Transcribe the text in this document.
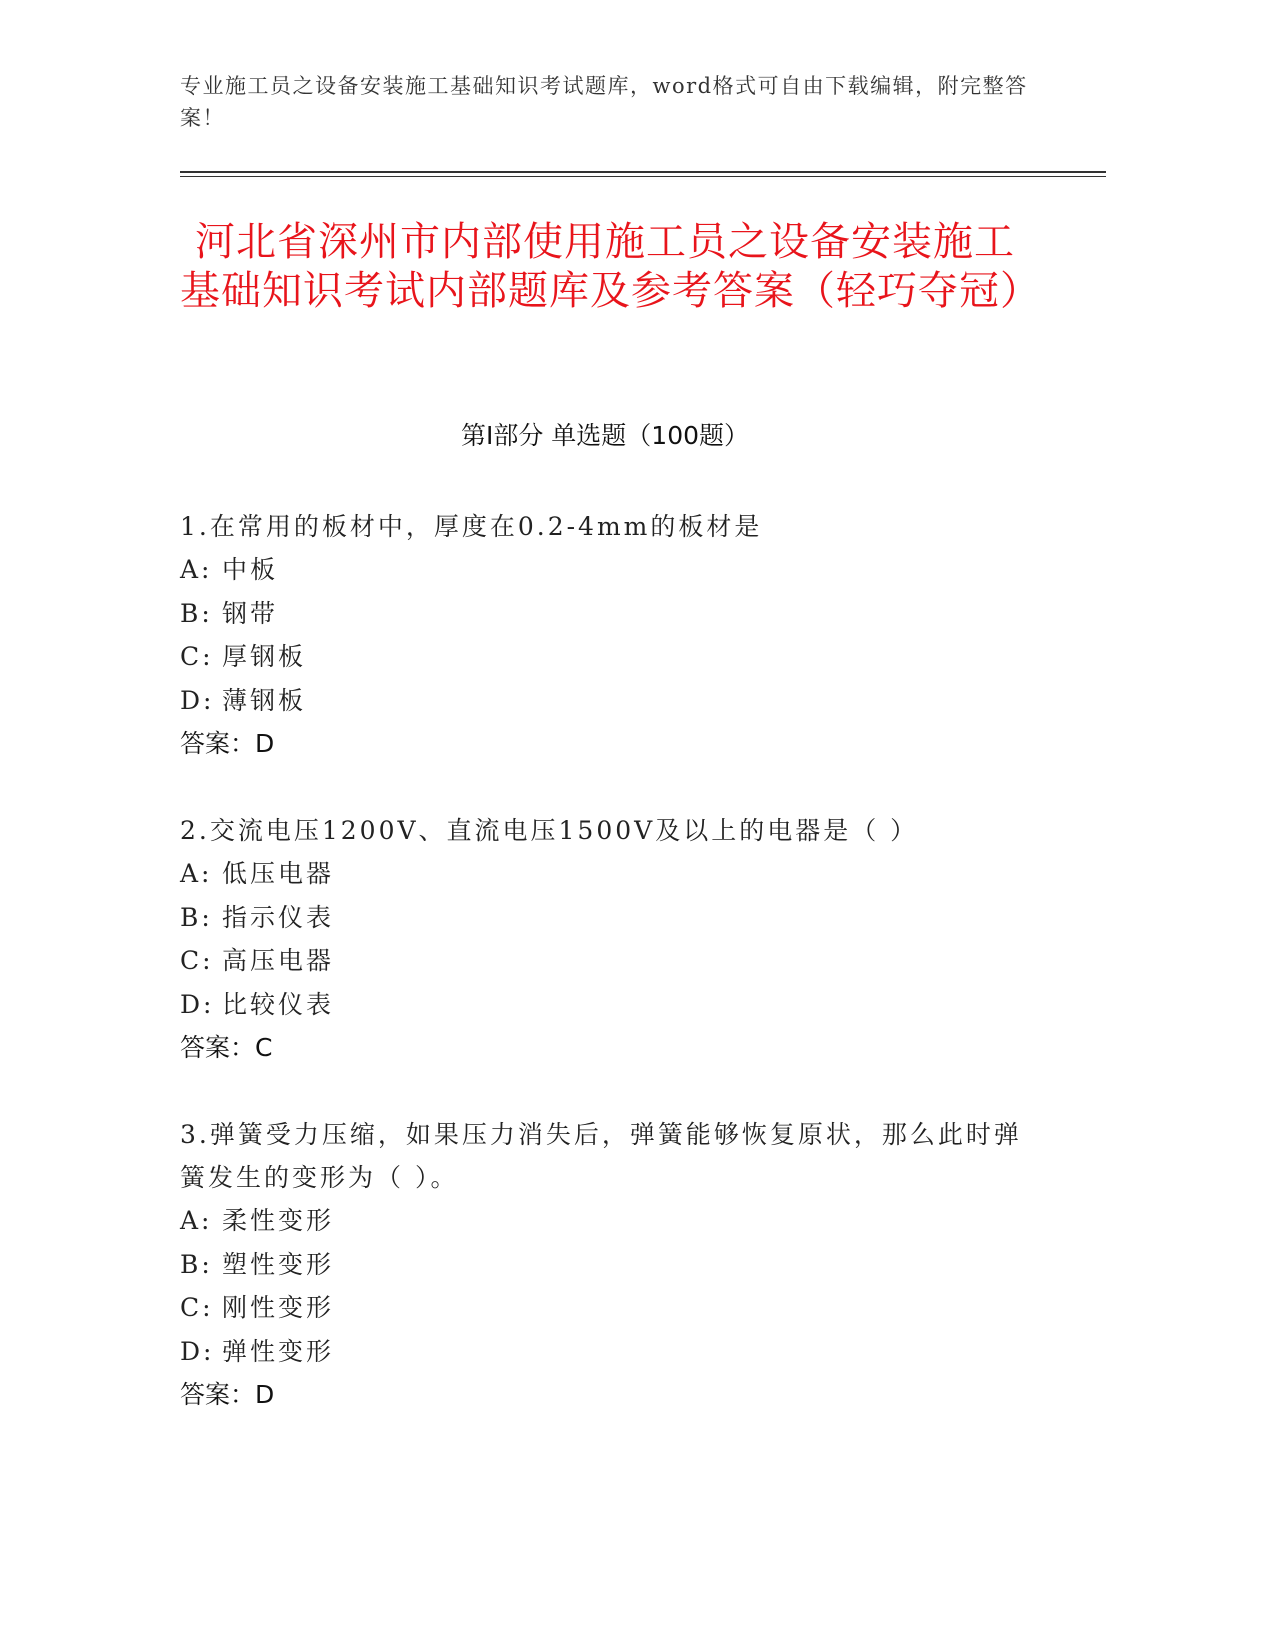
专业施工员之设备安装施工基础知识考试题库，word格式可自由下载编辑，附完整答案！
河北省深州市内部使用施工员之设备安装施工基础知识考试内部题库及参考答案（轻巧夺冠）
第Ⅰ部分 单选题（100题）
1.在常用的板材中，厚度在0.2-4mm的板材是
A: 中板
B: 钢带
C: 厚钢板
D: 薄钢板
答案：D
2.交流电压1200V、直流电压1500V及以上的电器是（ ）
A: 低压电器
B: 指示仪表
C: 高压电器
D: 比较仪表
答案：C
3.弹簧受力压缩，如果压力消失后，弹簧能够恢复原状，那么此时弹簧发生的变形为（ ）。
A: 柔性变形
B: 塑性变形
C: 刚性变形
D: 弹性变形
答案：D
